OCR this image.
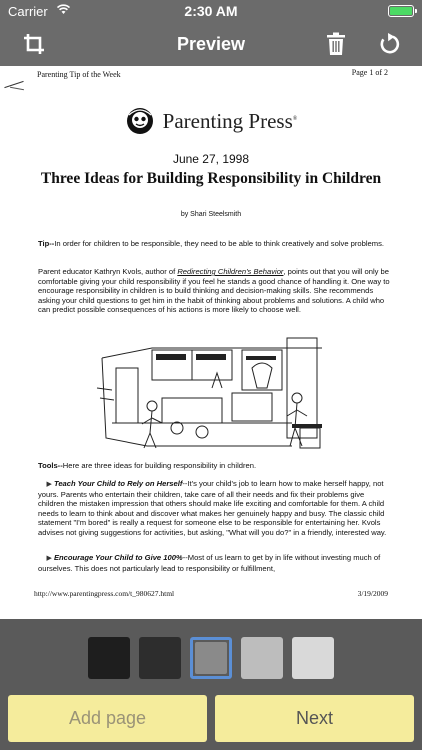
Carrier	2:30 AM
Preview
Parenting Tip of the Week	Page 1 of 2
Parenting Press®
June 27, 1998
Three Ideas for Building Responsibility in Children
by Shari Steelsmith
Tip--In order for children to be responsible, they need to be able to think creatively and solve problems.
Parent educator Kathryn Kvols, author of Redirecting Children's Behavior, points out that you will only be comfortable giving your child responsibility if you feel he stands a good chance of handling it. One way to encourage responsibility in children is to build thinking and decision-making skills. She recommends asking your child questions to get him in the habit of thinking about problems and solutions. A child who can predict possible consequences of his actions is more likely to choose well.
Tools--Here are three ideas for building responsibility in children.
▶ Teach Your Child to Rely on Herself--It's your child's job to learn how to make herself happy, not yours. Parents who entertain their children, take care of all their needs and fix their problems give children the mistaken impression that others should make life exciting and comfortable for them. A child needs to learn to think about and discover what makes her genuinely happy and busy. The classic child statement "I'm bored" is really a request for someone else to be responsible for entertaining her. Kvols advises not giving suggestions for activities, but asking, "What will you do?" in a friendly, interested way.
▶ Encourage Your Child to Give 100%--Most of us learn to get by in life without investing much of ourselves. This does not particularly lead to responsibility or fulfillment,
http://www.parentingpress.com/t_980627.html	3/19/2009
Add page	Next
